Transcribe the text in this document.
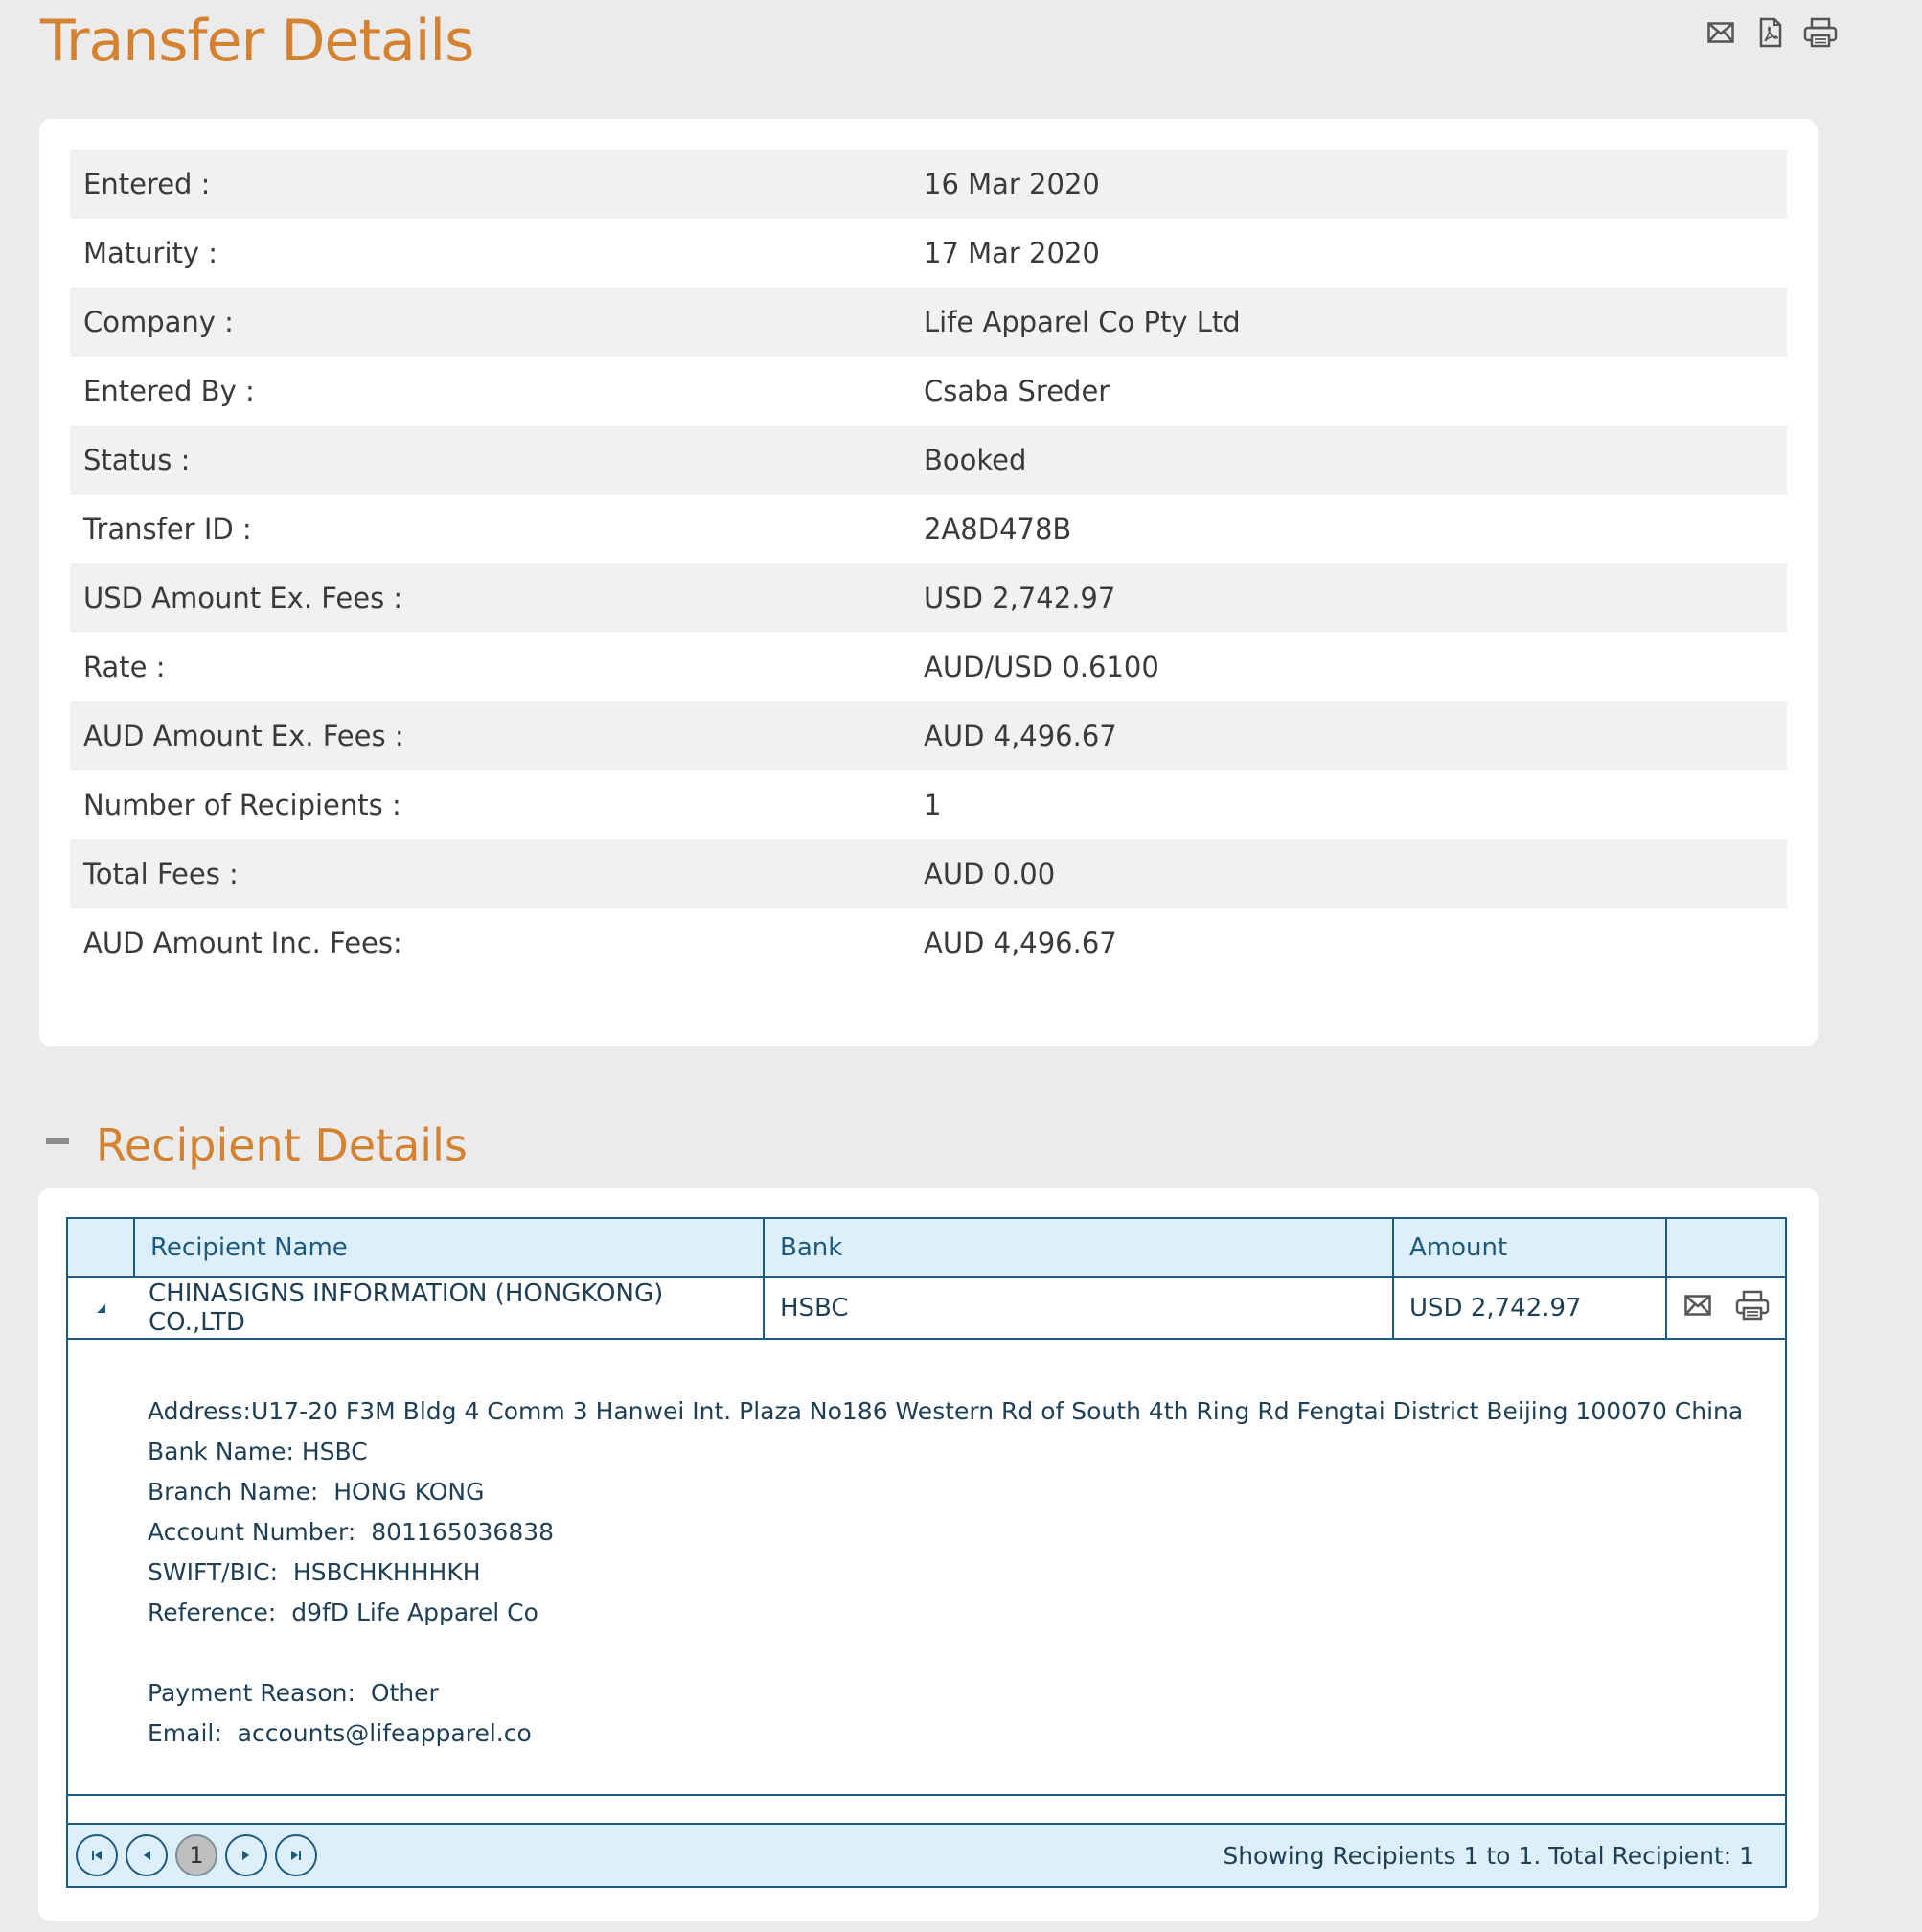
Transfer Details
Entered :	16 Mar 2020
Maturity :	17 Mar 2020
Company :	Life Apparel Co Pty Ltd
Entered By :	Csaba Sreder
Status :	Booked
Transfer ID :	2A8D478B
USD Amount Ex. Fees :	USD 2,742.97
Rate :	AUD/USD 0.6100
AUD Amount Ex. Fees :	AUD 4,496.67
Number of Recipients :	1
Total Fees :	AUD 0.00
AUD Amount Inc. Fees:	AUD 4,496.67
Recipient Details
Recipient Name	Bank	Amount
CHINASIGNS INFORMATION (HONGKONG) CO.,LTD	HSBC	USD 2,742.97
Address:U17-20 F3M Bldg 4 Comm 3 Hanwei Int. Plaza No186 Western Rd of South 4th Ring Rd Fengtai District Beijing 100070 China
Bank Name: HSBC
Branch Name:  HONG KONG
Account Number:  801165036838
SWIFT/BIC:  HSBCHKHHHKH
Reference:  d9fD Life Apparel Co
Payment Reason:  Other
Email:  accounts@lifeapparel.co
1	Showing Recipients 1 to 1. Total Recipient: 1
